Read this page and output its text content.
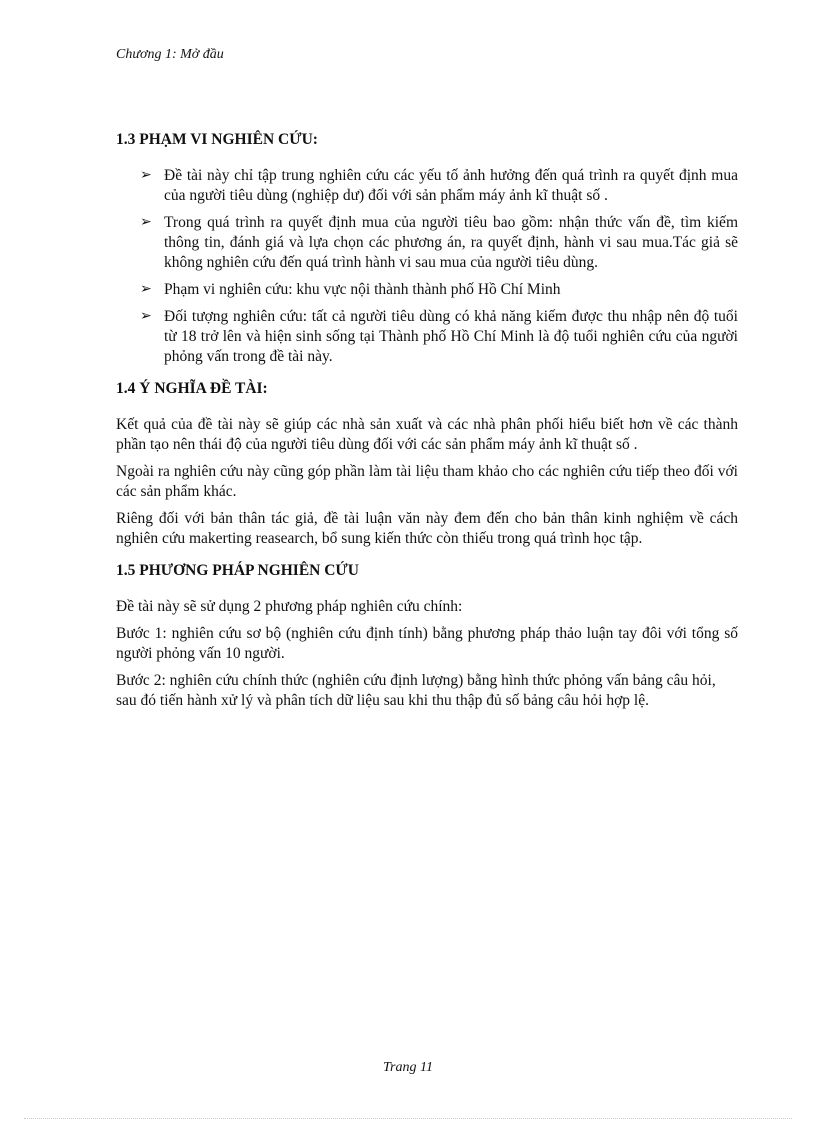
Chương 1: Mở đầu
1.3 PHẠM VI NGHIÊN CỨU:
➢ Đề tài này chỉ tập trung nghiên cứu các yếu tố ảnh hưởng đến quá trình ra quyết định mua của người tiêu dùng (nghiệp dư) đối với sản phẩm máy ảnh kĩ thuật số .
➢ Trong quá trình ra quyết định mua của người tiêu bao gồm: nhận thức vấn đề, tìm kiếm thông tin, đánh giá và lựa chọn các phương án, ra quyết định, hành vi sau mua.Tác giả sẽ không nghiên cứu đến quá trình hành vi sau mua của người tiêu dùng.
➢ Phạm vi nghiên cứu: khu vực nội thành thành phố Hồ Chí Minh
➢ Đối tượng nghiên cứu: tất cả người tiêu dùng có khả năng kiếm được thu nhập nên độ tuổi từ 18 trở lên và hiện sinh sống tại Thành phố Hồ Chí Minh là độ tuổi nghiên cứu của người phỏng vấn trong đề tài này.
1.4 Ý NGHĨA ĐỀ TÀI:

Kết quả của đề tài này sẽ giúp các nhà sản xuất và các nhà phân phối hiểu biết hơn về các thành phần tạo nên thái độ của người tiêu dùng đối với các sản phẩm máy ảnh kĩ thuật số .

Ngoài ra nghiên cứu này cũng góp phần làm tài liệu tham khảo cho các nghiên cứu tiếp theo đối với các sản phẩm khác.

Riêng đối với bản thân tác giả, đề tài luận văn này đem đến cho bản thân kinh nghiệm về cách nghiên cứu makerting reasearch, bổ sung kiến thức còn thiếu trong quá trình học tập.

1.5 PHƯƠNG PHÁP NGHIÊN CỨU

Đề tài này sẽ sử dụng 2 phương pháp nghiên cứu chính:

Bước 1: nghiên cứu sơ bộ (nghiên cứu định tính) bằng phương pháp thảo luận tay đôi với tổng số người phỏng vấn 10 người.

Bước 2: nghiên cứu chính thức (nghiên cứu định lượng) bằng hình thức phỏng vấn bảng câu hỏi, sau đó tiến hành xử lý và phân tích dữ liệu sau khi thu thập đủ số bảng câu hỏi hợp lệ.

Trang 11
